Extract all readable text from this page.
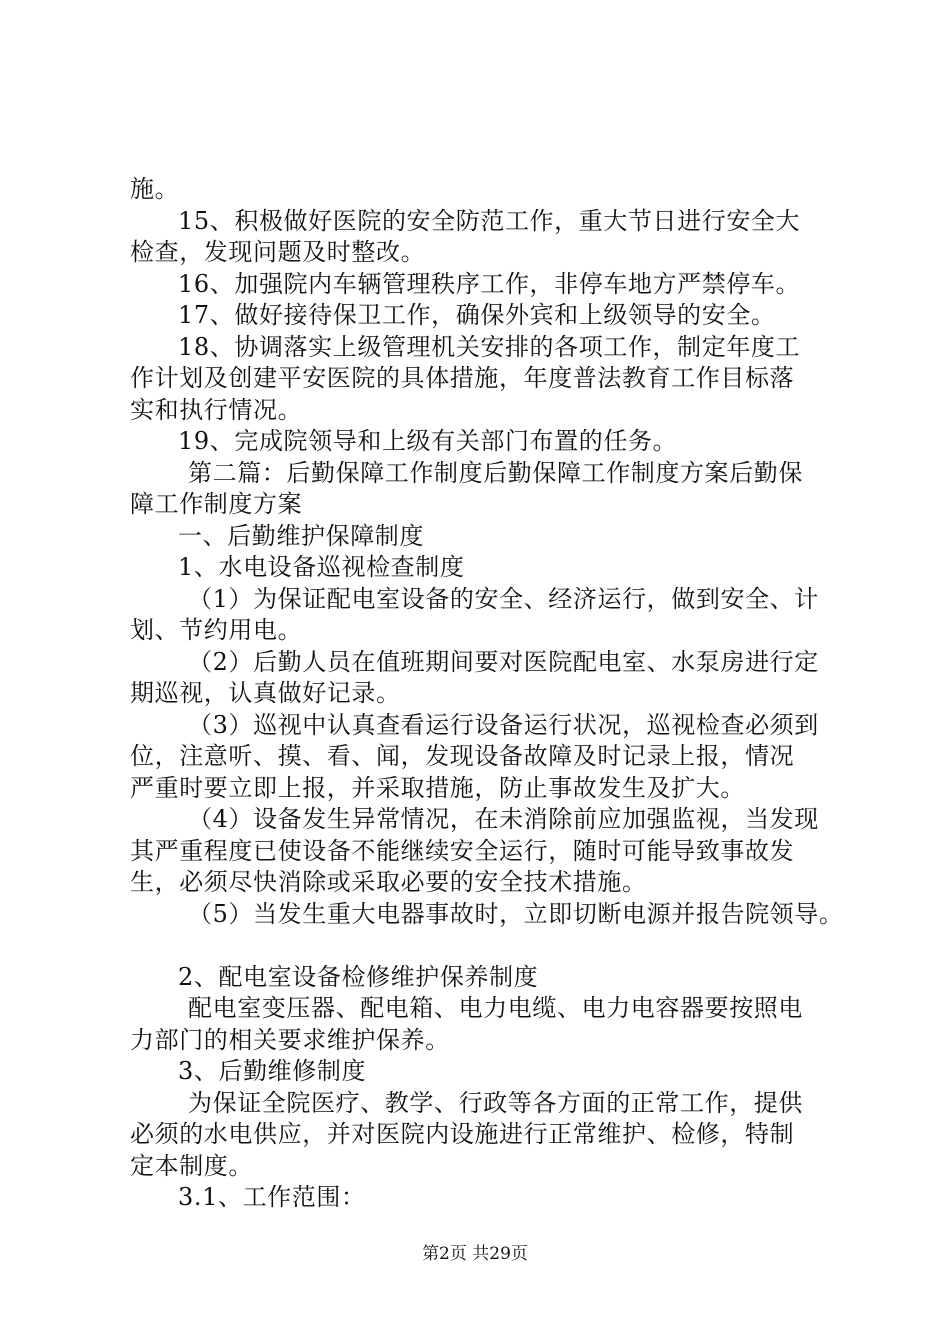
施。
15、积极做好医院的安全防范工作，重大节日进行安全大
检查，发现问题及时整改。
16、加强院内车辆管理秩序工作，非停车地方严禁停车。
17、做好接待保卫工作，确保外宾和上级领导的安全。
18、协调落实上级管理机关安排的各项工作，制定年度工
作计划及创建平安医院的具体措施，年度普法教育工作目标落
实和执行情况。
19、完成院领导和上级有关部门布置的任务。
第二篇：后勤保障工作制度后勤保障工作制度方案后勤保
障工作制度方案
一、后勤维护保障制度
1、水电设备巡视检查制度
（1）为保证配电室设备的安全、经济运行，做到安全、计
划、节约用电。
（2）后勤人员在值班期间要对医院配电室、水泵房进行定
期巡视，认真做好记录。
（3）巡视中认真查看运行设备运行状况，巡视检查必须到
位，注意听、摸、看、闻，发现设备故障及时记录上报，情况
严重时要立即上报，并采取措施，防止事故发生及扩大。
（4）设备发生异常情况，在未消除前应加强监视，当发现
其严重程度已使设备不能继续安全运行，随时可能导致事故发
生，必须尽快消除或采取必要的安全技术措施。
（5）当发生重大电器事故时，立即切断电源并报告院领导。
2、配电室设备检修维护保养制度
配电室变压器、配电箱、电力电缆、电力电容器要按照电
力部门的相关要求维护保养。
3、后勤维修制度
为保证全院医疗、教学、行政等各方面的正常工作，提供
必须的水电供应，并对医院内设施进行正常维护、检修，特制
定本制度。
3.1、工作范围：
第2页 共29页
